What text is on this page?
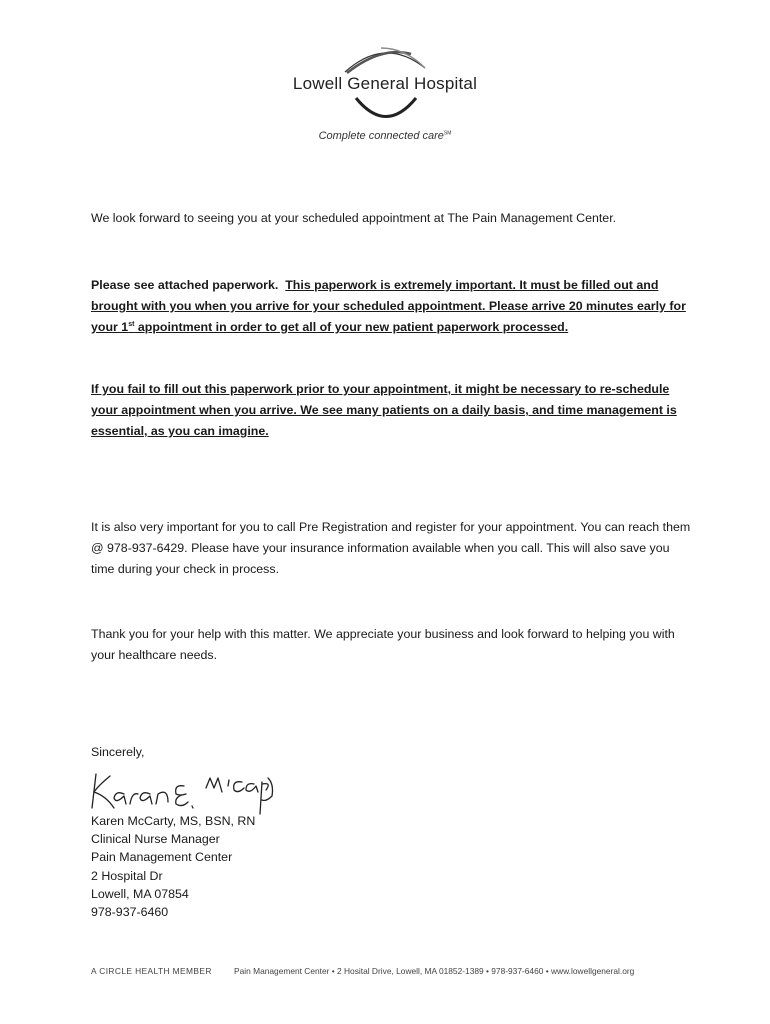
Lowell General Hospital
Complete connected care℠

We look forward to seeing you at your scheduled appointment at The Pain Management Center.

Please see attached paperwork. This paperwork is extremely important. It must be filled out and brought with you when you arrive for your scheduled appointment. Please arrive 20 minutes early for your 1st appointment in order to get all of your new patient paperwork processed.

If you fail to fill out this paperwork prior to your appointment, it might be necessary to re-schedule your appointment when you arrive. We see many patients on a daily basis, and time management is essential, as you can imagine.

It is also very important for you to call Pre Registration and register for your appointment. You can reach them @ 978-937-6429. Please have your insurance information available when you call. This will also save you time during your check in process.

Thank you for your help with this matter. We appreciate your business and look forward to helping you with your healthcare needs.

Sincerely,

Karen McCarty, MS, BSN, RN
Clinical Nurse Manager
Pain Management Center
2 Hospital Dr
Lowell, MA 07854
978-937-6460
A CIRCLE HEALTH MEMBER	Pain Management Center • 2 Hosital Drive, Lowell, MA 01852-1389 • 978-937-6460 • www.lowellgeneral.org
